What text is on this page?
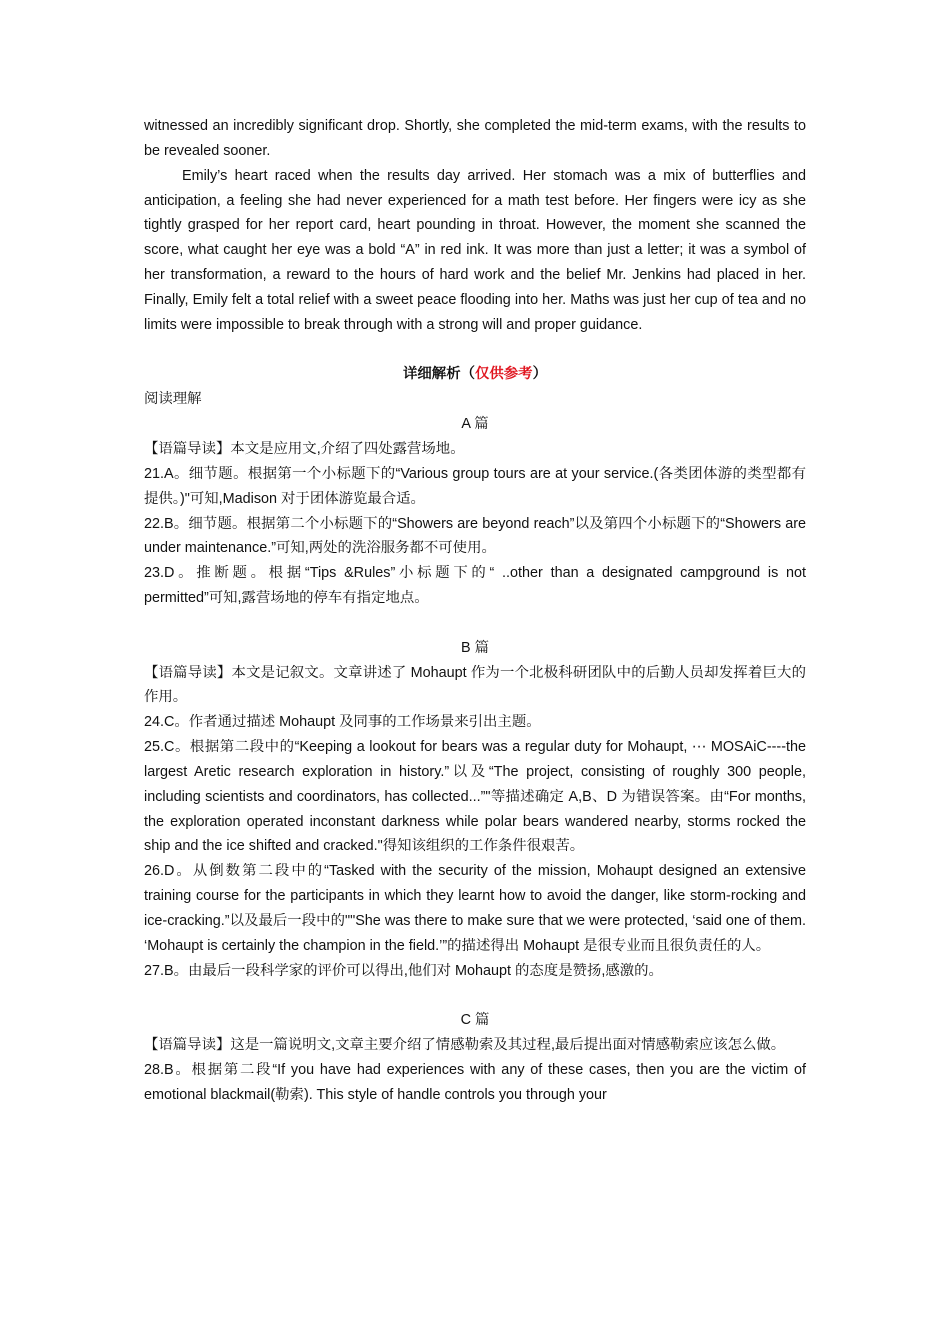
witnessed an incredibly significant drop. Shortly, she completed the mid-term exams, with the results to be revealed sooner.

Emily’s heart raced when the results day arrived. Her stomach was a mix of butterflies and anticipation, a feeling she had never experienced for a math test before. Her fingers were icy as she tightly grasped for her report card, heart pounding in throat. However, the moment she scanned the score, what caught her eye was a bold “A” in red ink. It was more than just a letter; it was a symbol of her transformation, a reward to the hours of hard work and the belief Mr. Jenkins had placed in her. Finally, Emily felt a total relief with a sweet peace flooding into her. Maths was just her cup of tea and no limits were impossible to break through with a strong will and proper guidance.

详细解析（仅供参考）

阅读理解

A 篇

【语篇导读】本文是应用文,介绍了四处露营场地。

21.A。细节题。根据第一个小标题下的“Various group tours are at your service.(各类团体游的类型都有提供。)"可知,Madison 对于团体游览最合适。

22.B。细节题。根据第二个小标题下的“Showers are beyond reach”以及第四个小标题下的“Showers are under maintenance.”可知,两处的洗浴服务都不可使用。

23.D。推断题。根据“Tips &Rules”小标题下的“ ..other than a designated campground is not permitted”可知,露营场地的停车有指定地点。

B 篇

【语篇导读】本文是记叙文。文章讲述了 Mohaupt 作为一个北极科研团队中的后勤人员却发挥着巨大的作用。

24.C。作者通过描述 Mohaupt 及同事的工作场景来引出主题。

25.C。根据第二段中的“Keeping a lookout for bears was a regular duty for Mohaupt, ⋯ MOSAiC----the largest Aretic research exploration in history.”以及“The project, consisting of roughly 300 people, including scientists and coordinators, has collected...”"等描述确定 A,B、D 为错误答案。由“For months, the exploration operated inconstant darkness while polar bears wandered nearby, storms rocked the ship and the ice shifted and cracked."得知该组织的工作条件很艰苦。

26.D。从倒数第二段中的“Tasked with the security of the mission, Mohaupt designed an extensive training course for the participants in which they learnt how to avoid the danger, like storm-rocking and ice-cracking.”以及最后一段中的""She was there to make sure that we were protected, ‘said one of them. ‘Mohaupt is certainly the champion in the field.’”的描述得出 Mohaupt 是很专业而且很负责任的人。

27.B。由最后一段科学家的评价可以得出,他们对 Mohaupt 的态度是赞扬,感激的。

C 篇

【语篇导读】这是一篇说明文,文章主要介绍了情感勒索及其过程,最后提出面对情感勒索应该怎么做。

28.B。根据第二段“If you have had experiences with any of these cases, then you are the victim of emotional blackmail(勒索). This style of handle controls you through your
